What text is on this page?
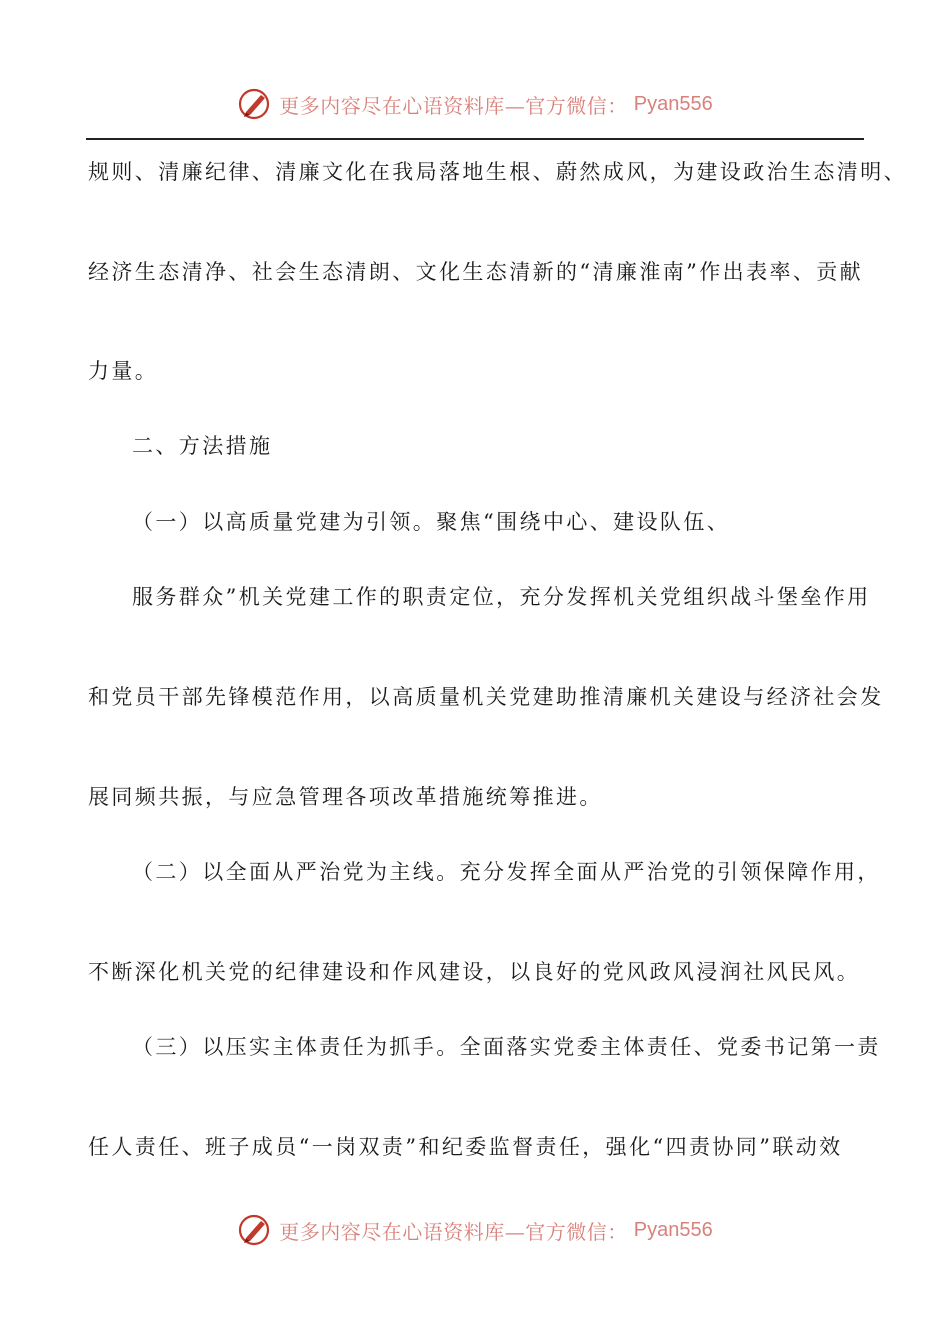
更多内容尽在心语资料库—官方微信： Pyan556
规则、清廉纪律、清廉文化在我局落地生根、蔚然成风，为建设政治生态清明、
经济生态清净、社会生态清朗、文化生态清新的“清廉淮南”作出表率、贡献
力量。
二、方法措施
（一）以高质量党建为引领。聚焦“围绕中心、建设队伍、
服务群众”机关党建工作的职责定位，充分发挥机关党组织战斗堡垒作用
和党员干部先锋模范作用，以高质量机关党建助推清廉机关建设与经济社会发
展同频共振，与应急管理各项改革措施统筹推进。
（二）以全面从严治党为主线。充分发挥全面从严治党的引领保障作用，
不断深化机关党的纪律建设和作风建设，以良好的党风政风浸润社风民风。
（三）以压实主体责任为抓手。全面落实党委主体责任、党委书记第一责
任人责任、班子成员“一岗双责”和纪委监督责任，强化“四责协同”联动效
更多内容尽在心语资料库—官方微信： Pyan556
